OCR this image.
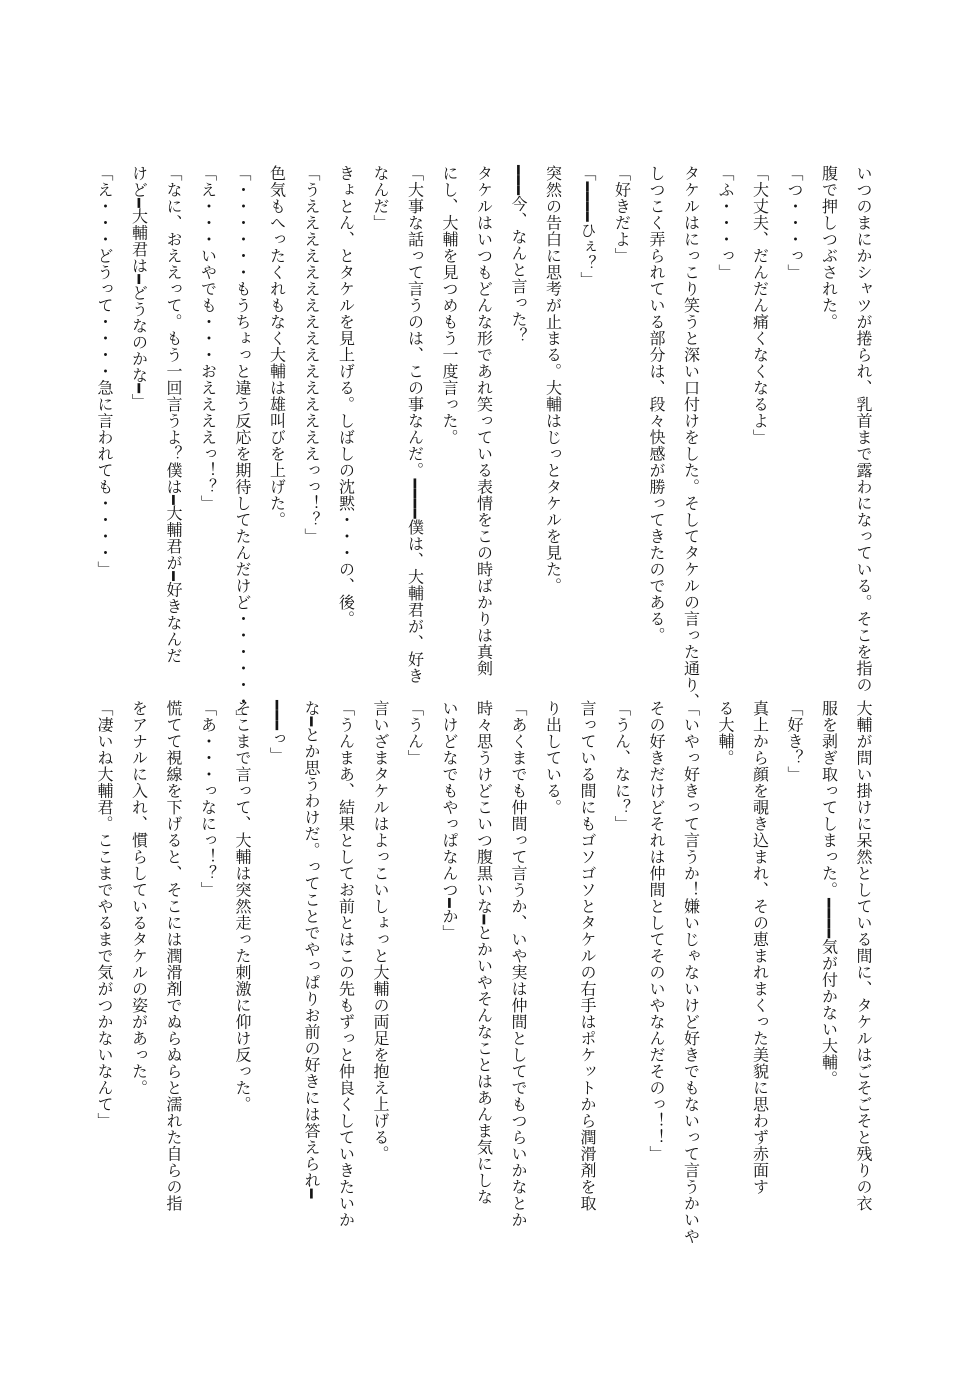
いつのまにかシャツが捲られ、乳首まで露わになっている。そこを指の
腹で押しつぶされた。
「つ・・・っ」
「大丈夫、だんだん痛くなくなるよ」
「ふ・・・っ」
タケルはにっこり笑うと深い口付けをした。そしてタケルの言った通り、
しつこく弄られている部分は、段々快感が勝ってきたのである。
「好きだよ」
「━━━━ひぇ？」
突然の告白に思考が止まる。大輔はじっとタケルを見た。
━━━今、なんと言った？
タケルはいつもどんな形であれ笑っている表情をこの時ばかりは真剣
にし、大輔を見つめもう一度言った。
「大事な話って言うのは、この事なんだ。━━━━僕は、大輔君が、好き
なんだ」
きょとん、とタケルを見上げる。しばしの沈黙・・・の、後。
「うええええええええええええええええっっ！？」
色気もへったくれもなく大輔は雄叫びを上げた。
「・・・・・・もうちょっと違う反応を期待してたんだけど・・・・・・」
「え・・・いやでも・・・おええええっ！？」
「なに、おええって。もう一回言うよ？僕は━大輔君が━好きなんだ
けど━大輔君は━どうなのかな━」
「え・・・どうって・・・・急に言われても・・・・」
大輔が問い掛けに呆然としている間に、タケルはごそごそと残りの衣
服を剥ぎ取ってしまった。━━━━気が付かない大輔。
「好き？」
真上から顔を覗き込まれ、その恵まれまくった美貌に思わず赤面す
る大輔。
「いやっ好きって言うか！嫌いじゃないけど好きでもないって言うかいや
その好きだけどそれは仲間としてそのいやなんだそのっ！！」
「うん、なに？」
言っている間にもゴソゴソとタケルの右手はポケットから潤滑剤を取
り出している。
「あくまでも仲間って言うか、いや実は仲間としてでもつらいかなとか
時々思うけどこいつ腹黒いな━とかいやそんなことはあんま気にしな
いけどなでもやっぱなんつ━か」
「うん」
言いざまタケルはよっこいしょっと大輔の両足を抱え上げる。
「うんまあ、結果としてお前とはこの先もずっと仲良くしていきたいか
な━とか思うわけだ。ってことでやっぱりお前の好きには答えられ━
━━━っ」
そこまで言って、大輔は突然走った刺激に仰け反った。
「あ・・・っなにっ！？」
慌てて視線を下げると、そこには潤滑剤でぬらぬらと濡れた自らの指
をアナルに入れ、慣らしているタケルの姿があった。
「凄いね大輔君。ここまでやるまで気がつかないなんて」
